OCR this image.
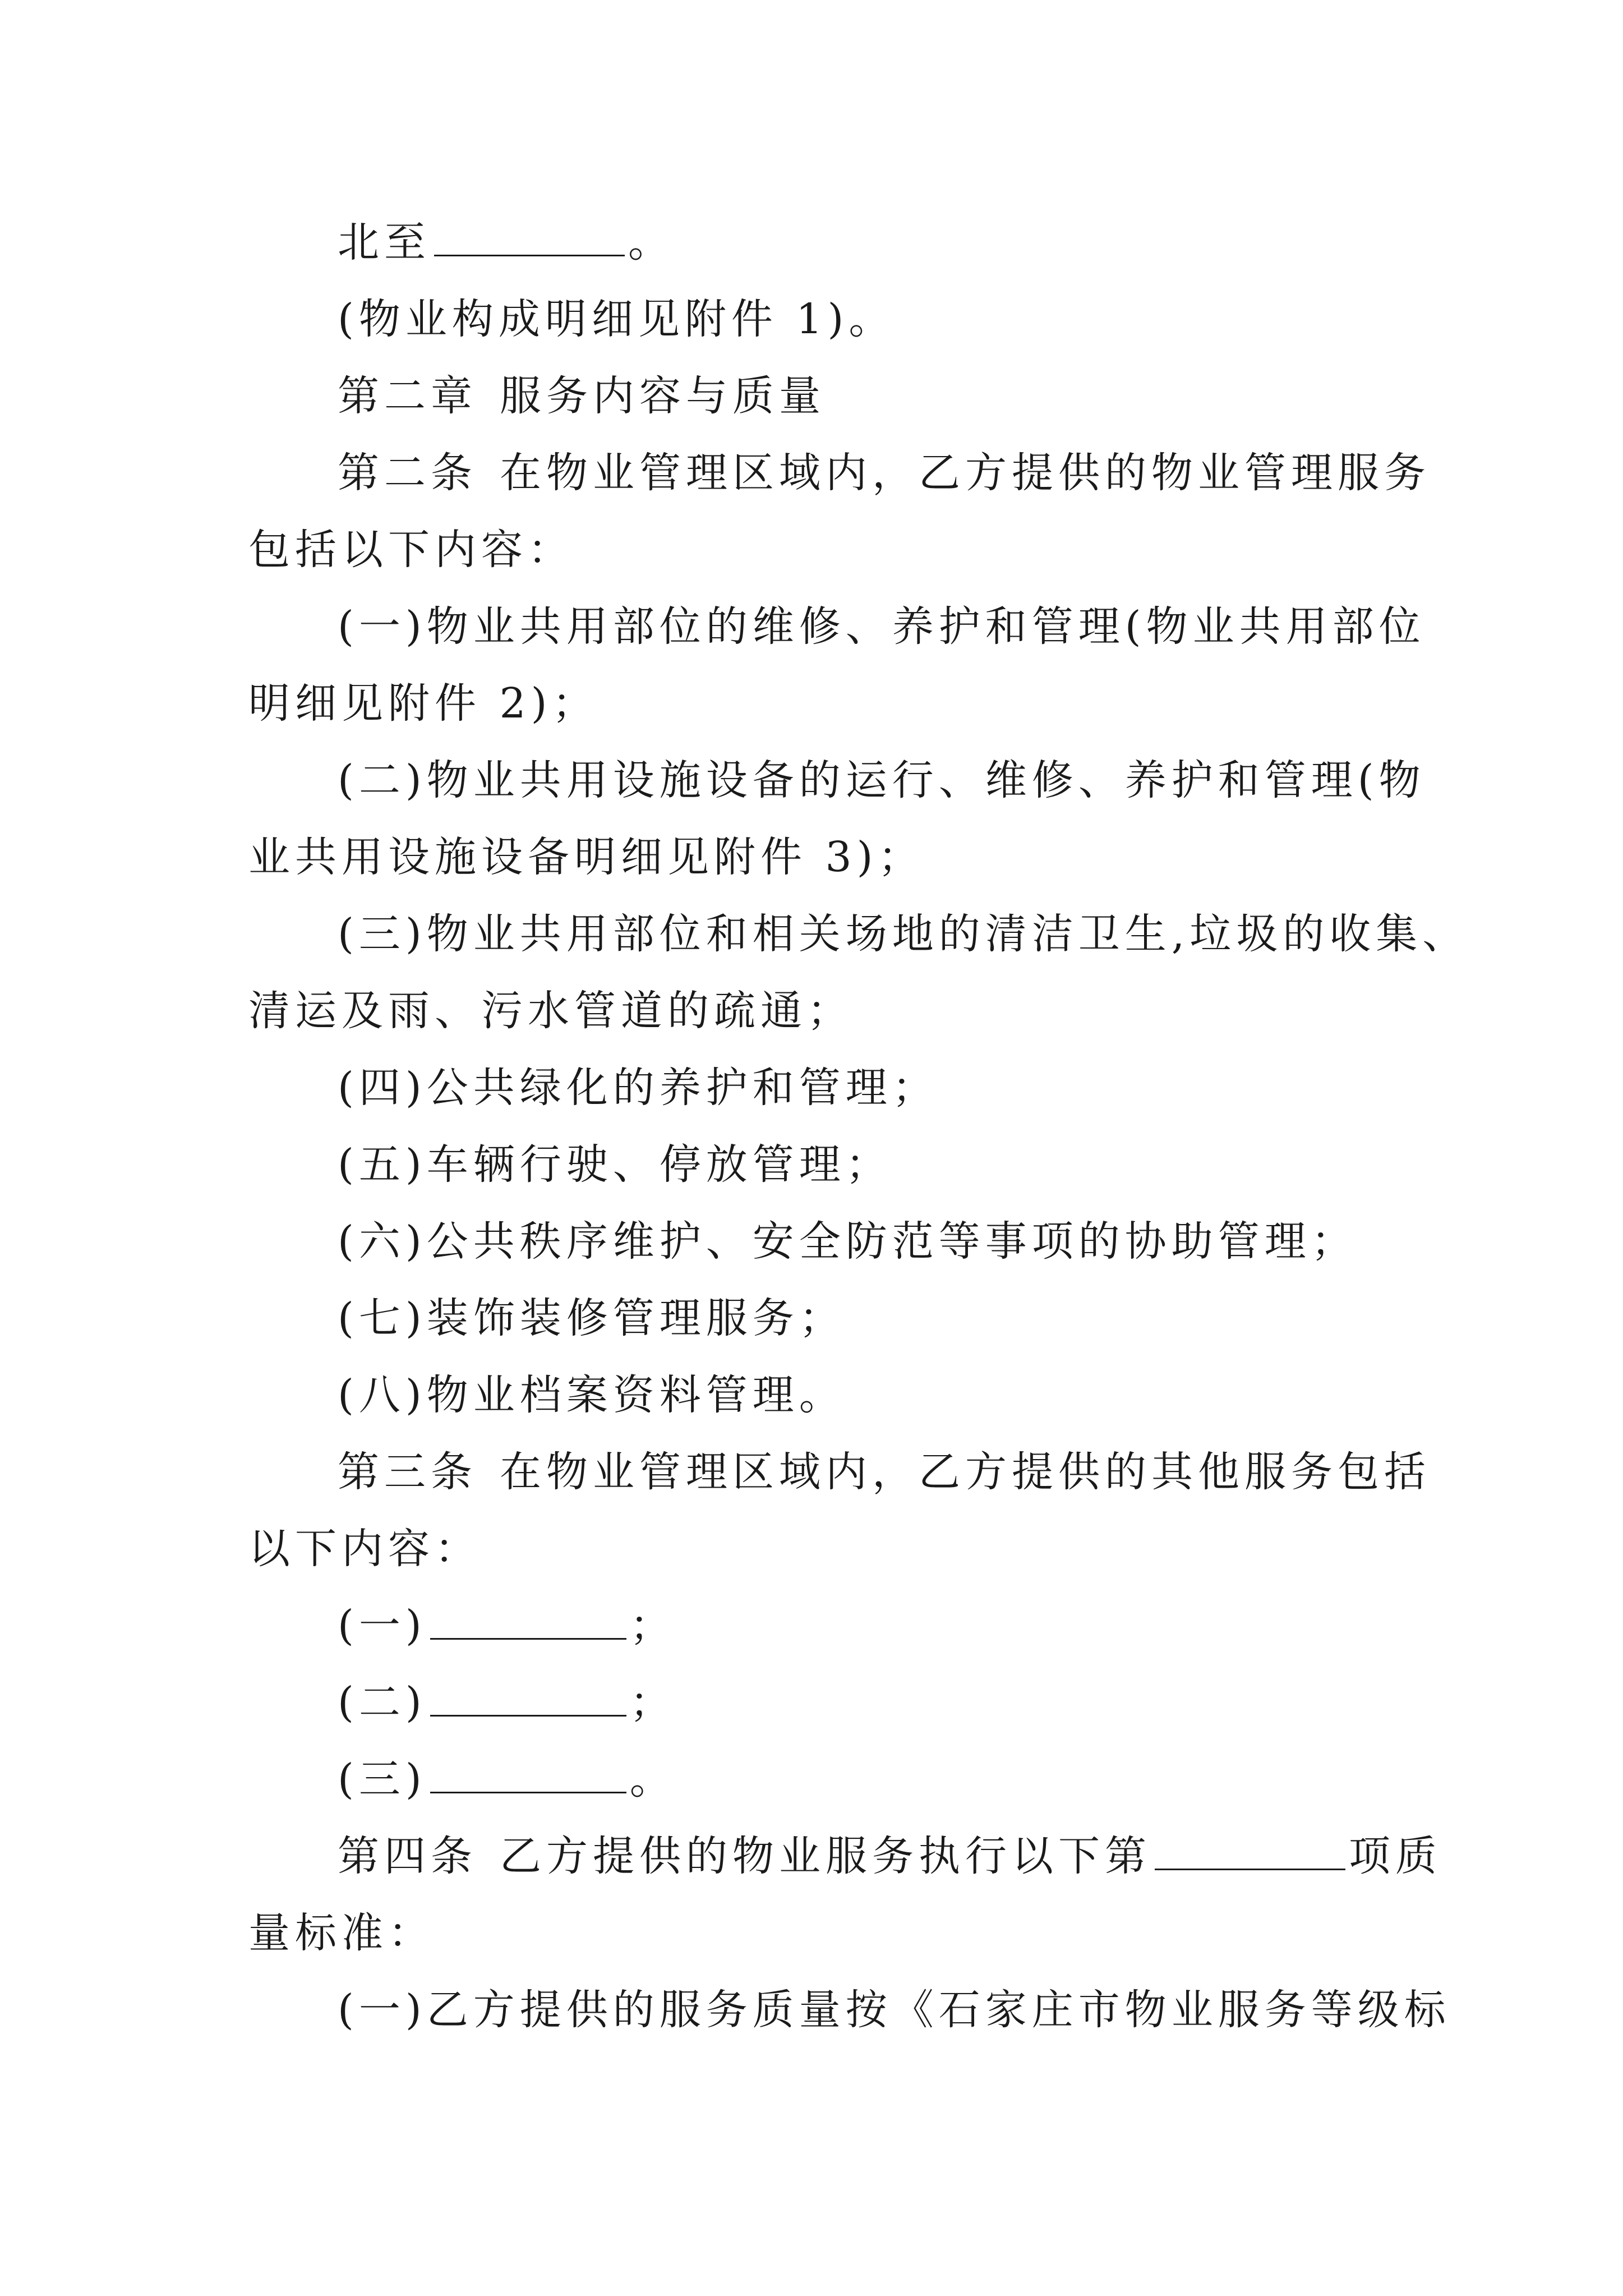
北至	。
(物业构成明细见附件 1)。
第二章 服务内容与质量
第二条 在物业管理区域内，乙方提供的物业管理服务
包括以下内容：
(一)物业共用部位的维修、养护和管理(物业共用部位
明细见附件 2)；
(二)物业共用设施设备的运行、维修、养护和管理(物
业共用设施设备明细见附件 3)；
(三)物业共用部位和相关场地的清洁卫生,垃圾的收集、
清运及雨、污水管道的疏通；
(四)公共绿化的养护和管理；
(五)车辆行驶、停放管理；
(六)公共秩序维护、安全防范等事项的协助管理；
(七)装饰装修管理服务；
(八)物业档案资料管理。
第三条 在物业管理区域内，乙方提供的其他服务包括
以下内容：
(一)	；
(二)	；
(三)	。
第四条 乙方提供的物业服务执行以下第	项质
量标准：
(一)乙方提供的服务质量按《石家庄市物业服务等级标
